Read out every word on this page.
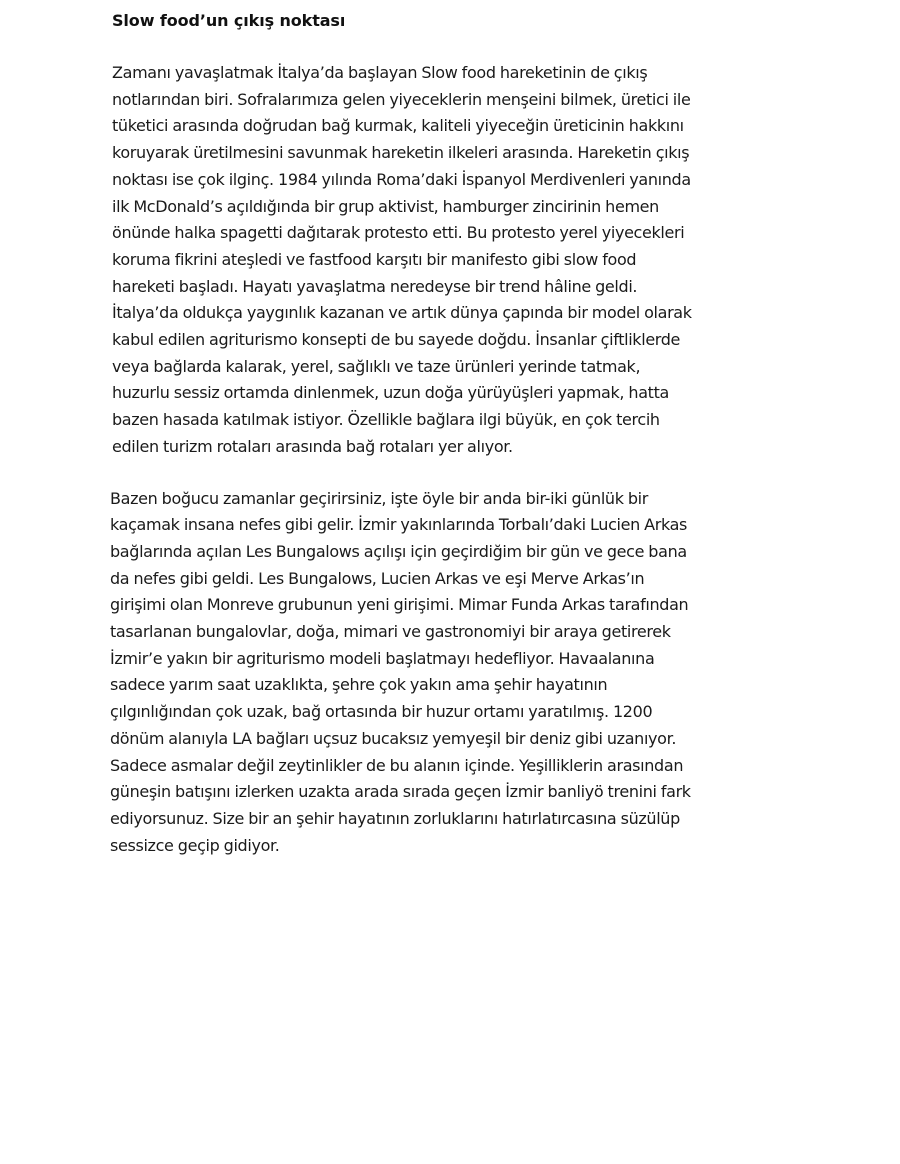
Slow food’un çıkış noktası

Zamanı yavaşlatmak İtalya’da başlayan Slow food hareketinin de çıkış
notlarından biri. Sofralarımıza gelen yiyeceklerin menşeini bilmek, üretici ile
tüketici arasında doğrudan bağ kurmak, kaliteli yiyeceğin üreticinin hakkını
koruyarak üretilmesini savunmak hareketin ilkeleri arasında. Hareketin çıkış
noktası ise çok ilginç. 1984 yılında Roma’daki İspanyol Merdivenleri yanında
ilk McDonald’s açıldığında bir grup aktivist, hamburger zincirinin hemen
önünde halka spagetti dağıtarak protesto etti. Bu protesto yerel yiyecekleri
koruma fikrini ateşledi ve fastfood karşıtı bir manifesto gibi slow food
hareketi başladı. Hayatı yavaşlatma neredeyse bir trend hâline geldi.
İtalya’da oldukça yaygınlık kazanan ve artık dünya çapında bir model olarak
kabul edilen agriturismo konsepti de bu sayede doğdu. İnsanlar çiftliklerde
veya bağlarda kalarak, yerel, sağlıklı ve taze ürünleri yerinde tatmak,
huzurlu sessiz ortamda dinlenmek, uzun doğa yürüyüşleri yapmak, hatta
bazen hasada katılmak istiyor. Özellikle bağlara ilgi büyük, en çok tercih
edilen turizm rotaları arasında bağ rotaları yer alıyor.

Bazen boğucu zamanlar geçirirsiniz, işte öyle bir anda bir-iki günlük bir
kaçamak insana nefes gibi gelir. İzmir yakınlarında Torbalı’daki Lucien Arkas
bağlarında açılan Les Bungalows açılışı için geçirdiğim bir gün ve gece bana
da nefes gibi geldi. Les Bungalows, Lucien Arkas ve eşi Merve Arkas’ın
girişimi olan Monreve grubunun yeni girişimi. Mimar Funda Arkas tarafından
tasarlanan bungalovlar, doğa, mimari ve gastronomiyi bir araya getirerek
İzmir’e yakın bir agriturismo modeli başlatmayı hedefliyor. Havaalanına
sadece yarım saat uzaklıkta, şehre çok yakın ama şehir hayatının
çılgınlığından çok uzak, bağ ortasında bir huzur ortamı yaratılmış. 1200
dönüm alanıyla LA bağları uçsuz bucaksız yemyeşil bir deniz gibi uzanıyor.
Sadece asmalar değil zeytinlikler de bu alanın içinde. Yeşilliklerin arasından
güneşin batışını izlerken uzakta arada sırada geçen İzmir banliyö trenini fark
ediyorsunuz. Size bir an şehir hayatının zorluklarını hatırlatırcasına süzülüp
sessizce geçip gidiyor.
